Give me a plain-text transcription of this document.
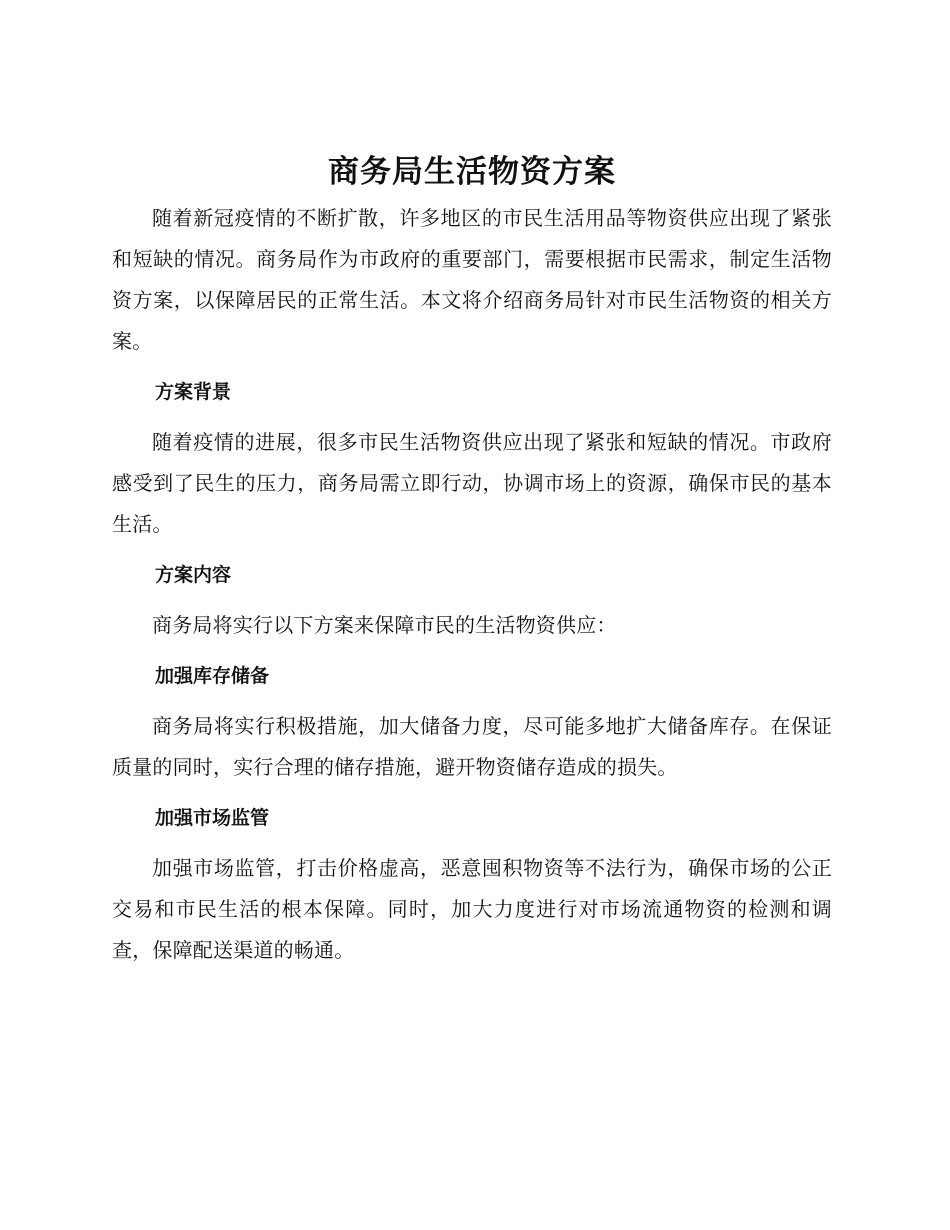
商务局生活物资方案

随着新冠疫情的不断扩散，许多地区的市民生活用品等物资供应出现了紧张和短缺的情况。商务局作为市政府的重要部门，需要根据市民需求，制定生活物资方案，以保障居民的正常生活。本文将介绍商务局针对市民生活物资的相关方案。

方案背景

随着疫情的进展，很多市民生活物资供应出现了紧张和短缺的情况。市政府感受到了民生的压力，商务局需立即行动，协调市场上的资源，确保市民的基本生活。

方案内容

商务局将实行以下方案来保障市民的生活物资供应：

加强库存储备

商务局将实行积极措施，加大储备力度，尽可能多地扩大储备库存。在保证质量的同时，实行合理的储存措施，避开物资储存造成的损失。

加强市场监管

加强市场监管，打击价格虚高，恶意囤积物资等不法行为，确保市场的公正交易和市民生活的根本保障。同时，加大力度进行对市场流通物资的检测和调查，保障配送渠道的畅通。
